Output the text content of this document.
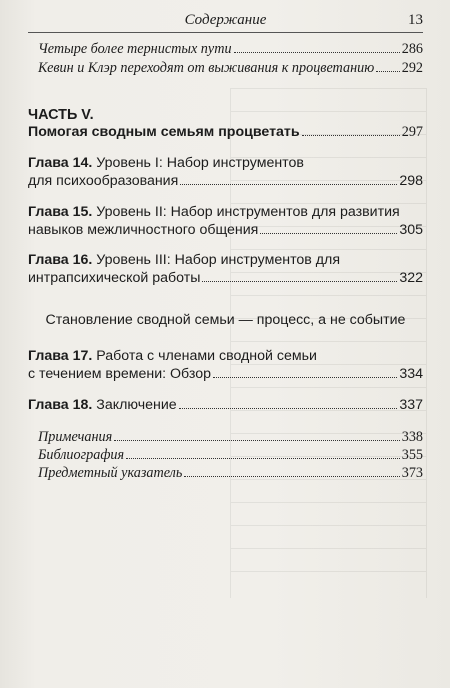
Содержание	13
Четыре более тернистых пути	286
Кевин и Клэр переходят от выживания к процветанию 292
ЧАСТЬ V.
Помогая сводным семьям процветать	297
Глава 14. Уровень I: Набор инструментов
для психообразования	298
Глава 15. Уровень II: Набор инструментов для развития
навыков межличностного общения	305
Глава 16. Уровень III: Набор инструментов для
интрапсихической работы	322
Становление сводной семьи — процесс, а не событие
Глава 17. Работа с членами сводной семьи
с течением времени: Обзор	334
Глава 18. Заключение	337
Примечания	338
Библиография	355
Предметный указатель	373
